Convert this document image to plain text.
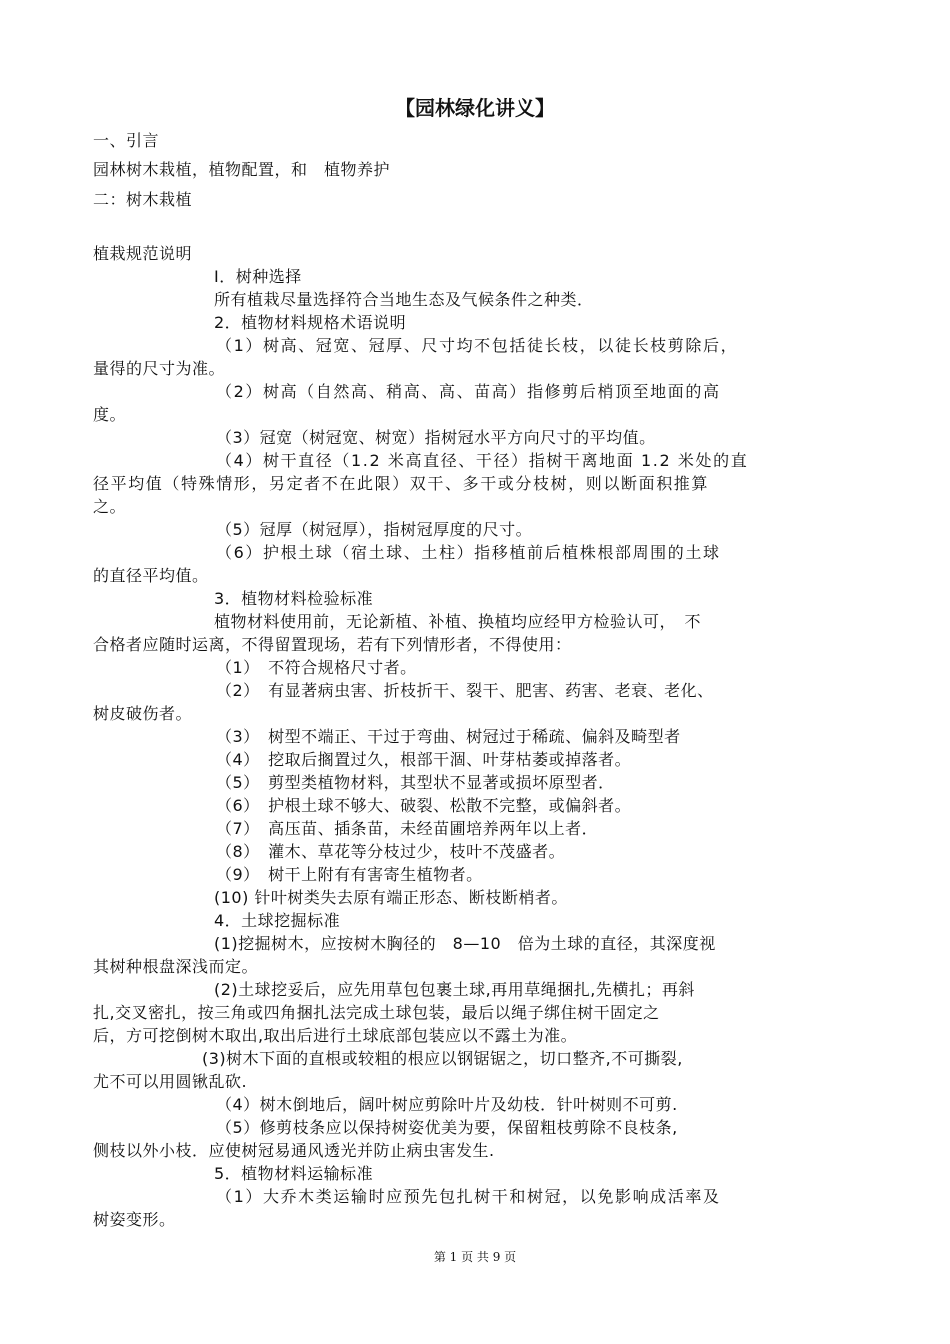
【园林绿化讲义】
一、引言
园林树木栽植，植物配置，和　植物养护
二：树木栽植
植栽规范说明
I．树种选择
所有植栽尽量选择符合当地生态及气候条件之种类．
2．植物材料规格术语说明
（1）树高、冠宽、冠厚、尺寸均不包括徒长枝，以徒长枝剪除后，
量得的尺寸为准。
（2）树高（自然高、稍高、高、苗高）指修剪后梢顶至地面的高
度。
（3）冠宽（树冠宽、树宽）指树冠水平方向尺寸的平均值。
（4）树干直径（1.2 米高直径、干径）指树干离地面 1.2 米处的直
径平均值（特殊情形，另定者不在此限）双干、多干或分枝树，则以断面积推算
之。
（5）冠厚（树冠厚），指树冠厚度的尺寸。
（6）护根土球（宿土球、土柱）指移植前后植株根部周围的土球
的直径平均值。
3．植物材料检验标准
植物材料使用前，无论新植、补植、换植均应经甲方检验认可，　不
合格者应随时运离，不得留置现场，若有下列情形者，不得使用：
（1）　不符合规格尺寸者。
（2）　有显著病虫害、折枝折干、裂干、肥害、药害、老衰、老化、
树皮破伤者。
（3）　树型不端正、干过于弯曲、树冠过于稀疏、偏斜及畸型者
（4）　挖取后搁置过久，根部干涸、叶芽枯萎或掉落者。
（5）　剪型类植物材料，其型状不显著或损坏原型者．
（6）　护根土球不够大、破裂、松散不完整，或偏斜者。
（7）　高压苗、插条苗，未经苗圃培养两年以上者．
（8）　灌木、草花等分枝过少，枝叶不茂盛者。
（9）　树干上附有有害寄生植物者。
(10) 针叶树类失去原有端正形态、断枝断梢者。
4．土球挖掘标准
(1)挖掘树木，应按树木胸径的　8—10　倍为土球的直径，其深度视
其树种根盘深浅而定。
(2)土球挖妥后，应先用草包包裹土球,再用草绳捆扎,先横扎；再斜
扎,交叉密扎，按三角或四角捆扎法完成土球包装，最后以绳子绑住树干固定之
后，方可挖倒树木取出,取出后进行土球底部包装应以不露土为准。
(3)树木下面的直根或较粗的根应以钢锯锯之，切口整齐,不可撕裂,
尤不可以用圆锹乱砍.
（4）树木倒地后，阔叶树应剪除叶片及幼枝．针叶树则不可剪.
（5）修剪枝条应以保持树姿优美为要，保留粗枝剪除不良枝条,
侧枝以外小枝．应使树冠易通风透光并防止病虫害发生.
5．植物材料运输标准
（1）大乔木类运输时应预先包扎树干和树冠，以免影响成活率及
树姿变形。
第 1 页 共 9 页
